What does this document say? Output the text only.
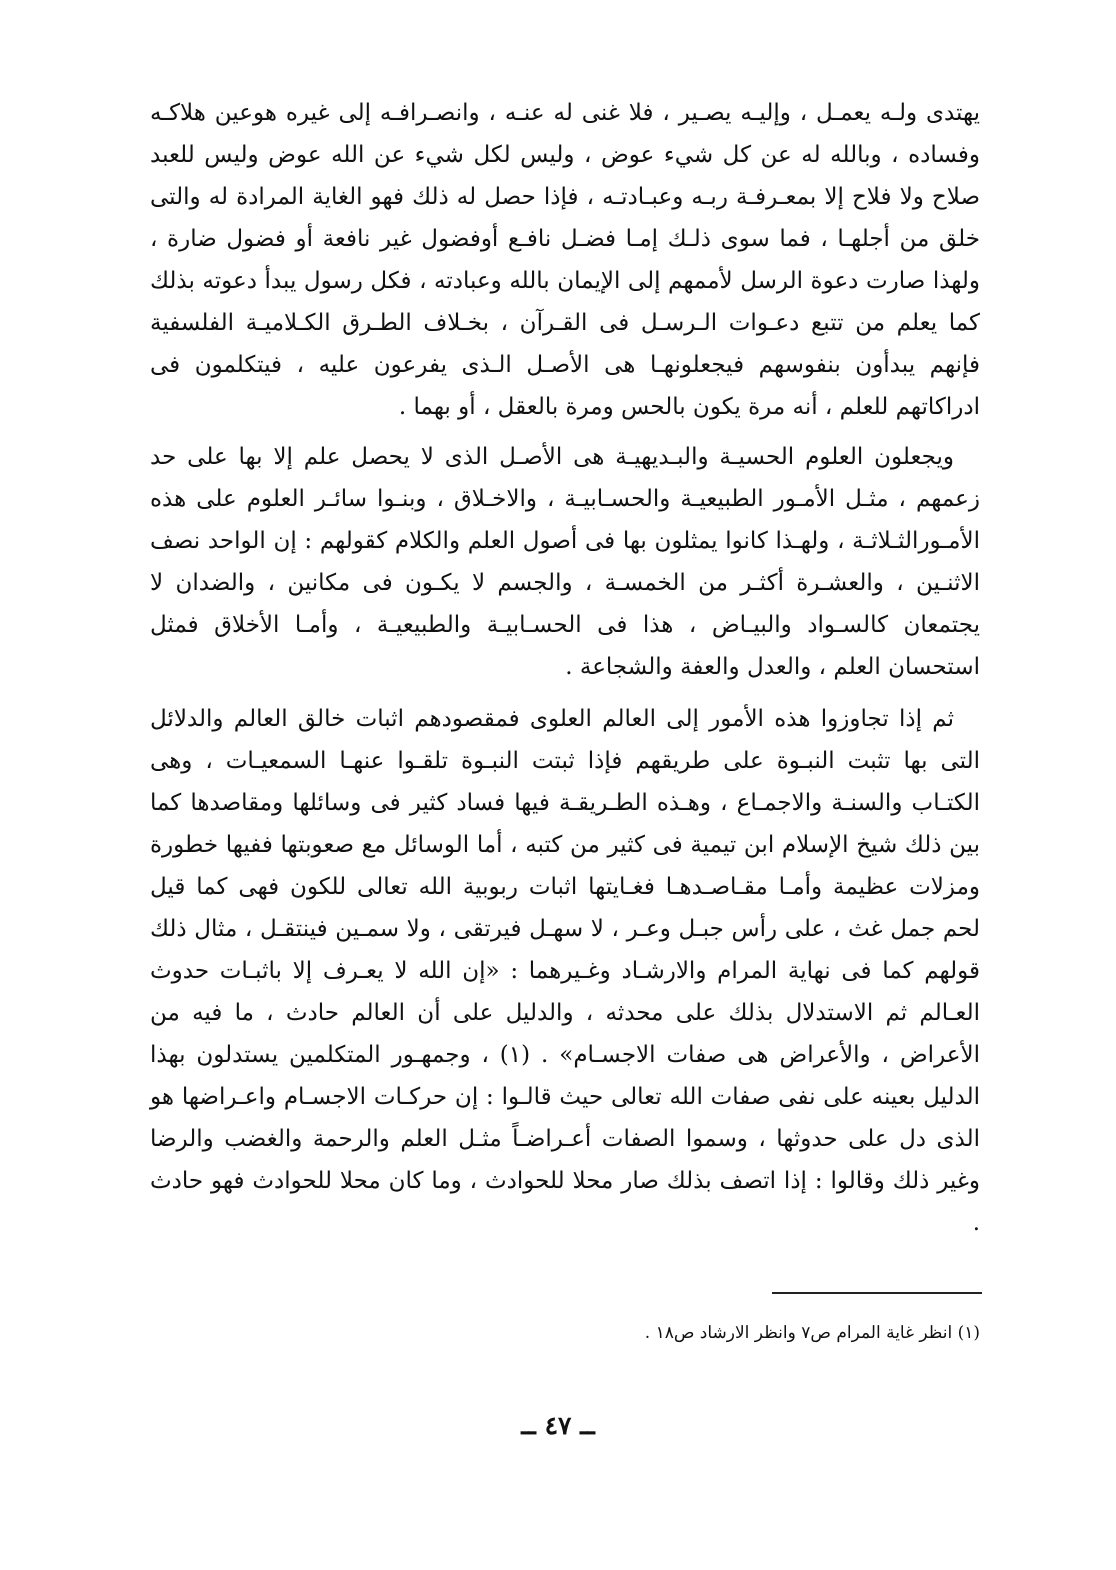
يهتدى ولـه يعمـل ، وإليـه يصـير ، فلا غنى له عنـه ، وانصـرافـه إلى غيره هوعين هلاكـه وفساده ، وبالله له عن كل شيء عوض ، وليس لكل شيء عن الله عوض وليس للعبد صلاح ولا فلاح إلا بمعـرفـة ربـه وعبـادتـه ، فإذا حصل له ذلك فهو الغاية المرادة له والتى خلق من أجلهـا ، فما سوى ذلـك إمـا فضـل نافـع أوفضول غير نافعة أو فضول ضارة ، ولهذا صارت دعوة الرسل لأممهم إلى الإيمان بالله وعبادته ، فكل رسول يبدأ دعوته بذلك كما يعلم من تتبع دعـوات الـرسـل فى القـرآن ، بخـلاف الطـرق الكـلاميـة الفلسفية فإنهم يبدأون بنفوسهم فيجعلونهـا هى الأصـل الـذى يفرعون عليه ، فيتكلمون فى ادراكاتهم للعلم ، أنه مرة يكون بالحس ومرة بالعقل ، أو بهما .

ويجعلون العلوم الحسيـة والبـديهيـة هى الأصـل الذى لا يحصل علم إلا بها على حد زعمهم ، مثـل الأمـور الطبيعيـة والحسـابيـة ، والاخـلاق ، وبنـوا سائـر العلوم على هذه الأمـورالثـلاثـة ، ولهـذا كانوا يمثلون بها فى أصول العلم والكلام كقولهم : إن الواحد نصف الاثنـين ، والعشـرة أكثـر من الخمسـة ، والجسم لا يكـون فى مكانين ، والضدان لا يجتمعان كالسـواد والبيـاض ، هذا فى الحسـابيـة والطبيعيـة ، وأمـا الأخلاق فمثل استحسان العلم ، والعدل والعفة والشجاعة .

ثم إذا تجاوزوا هذه الأمور إلى العالم العلوى فمقصودهم اثبات خالق العالم والدلائل التى بها تثبت النبـوة على طريقهم فإذا ثبتت النبـوة تلقـوا عنهـا السمعيـات ، وهى الكتـاب والسنـة والاجمـاع ، وهـذه الطـريقـة فيها فساد كثير فى وسائلها ومقاصدها كما بين ذلك شيخ الإسلام ابن تيمية فى كثير من كتبه ، أما الوسائل مع صعوبتها ففيها خطورة ومزلات عظيمة وأمـا مقـاصـدهـا فغـايتها اثبات ربوبية الله تعالى للكون فهى كما قيل لحم جمل غث ، على رأس جبـل وعـر ، لا سهـل فيرتقى ، ولا سمـين فينتقـل ، مثال ذلك قولهم كما فى نهاية المرام والارشـاد وغـيرهما : «إن الله لا يعـرف إلا باثبـات حدوث العـالم ثم الاستدلال بذلك على محدثه ، والدليل على أن العالم حادث ، ما فيه من الأعراض ، والأعراض هى صفات الاجسـام» . (١) ، وجمهـور المتكلمين يستدلون بهذا الدليل بعينه على نفى صفات الله تعالى حيث قالـوا : إن حركـات الاجسـام واعـراضها هو الذى دل على حدوثها ، وسموا الصفات أعـراضـاً مثـل العلم والرحمة والغضب والرضا وغير ذلك وقالوا : إذا اتصف بذلك صار محلا للحوادث ، وما كان محلا للحوادث فهو حادث .

(١) انظر غاية المرام ص٧ وانظر الارشاد ص١٨ .
ــ ٤٧ ــ
